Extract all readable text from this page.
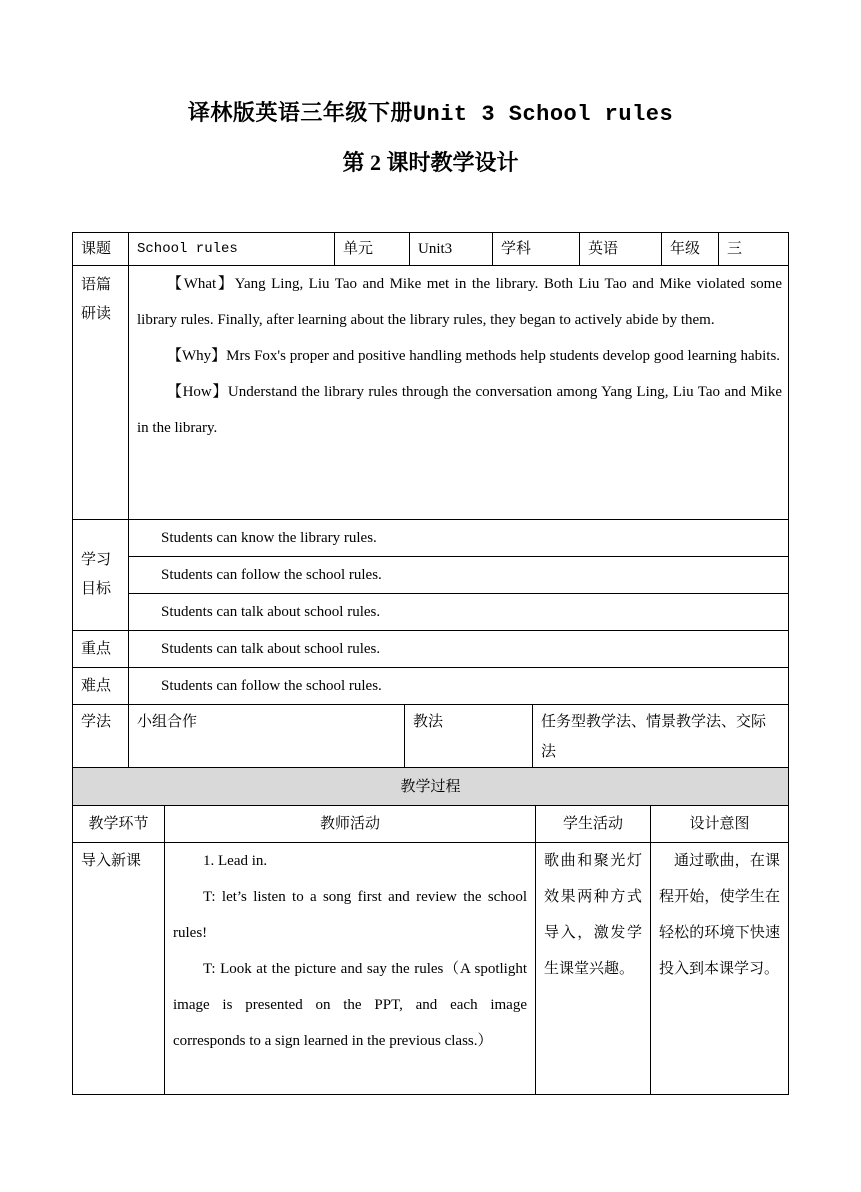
译林版英语三年级下册Unit 3 School rules
第 2 课时教学设计
课题	School rules	单元	Unit3	学科	英语	年级	三
语篇研读	【What】Yang Ling, Liu Tao and Mike met in the library. Both Liu Tao and Mike violated some library rules. Finally, after learning about the library rules, they began to actively abide by them.

【Why】Mrs Fox's proper and positive handling methods help students develop good learning habits.

【How】Understand the library rules through the conversation among Yang Ling, Liu Tao and Mike in the library.

学习目标	Students can know the library rules.
	Students can follow the school rules.
	Students can talk about school rules.
重点	Students can talk about school rules.
难点	Students can follow the school rules.
学法	小组合作	教法	任务型教学法、情景教学法、交际法
教学过程			
教学环节	教师活动	学生活动	设计意图
导入新课	1. Lead in.

T: let’s listen to a song first and review the school rules!

T: Look at the picture and say the rules（A spotlight image is presented on the PPT, and each image corresponds to a sign learned in the previous class.）	歌曲和聚光灯效果两种方式导入，激发学生课堂兴趣。	通过歌曲，在课程开始，使学生在轻松的环境下快速投入到本课学习。
